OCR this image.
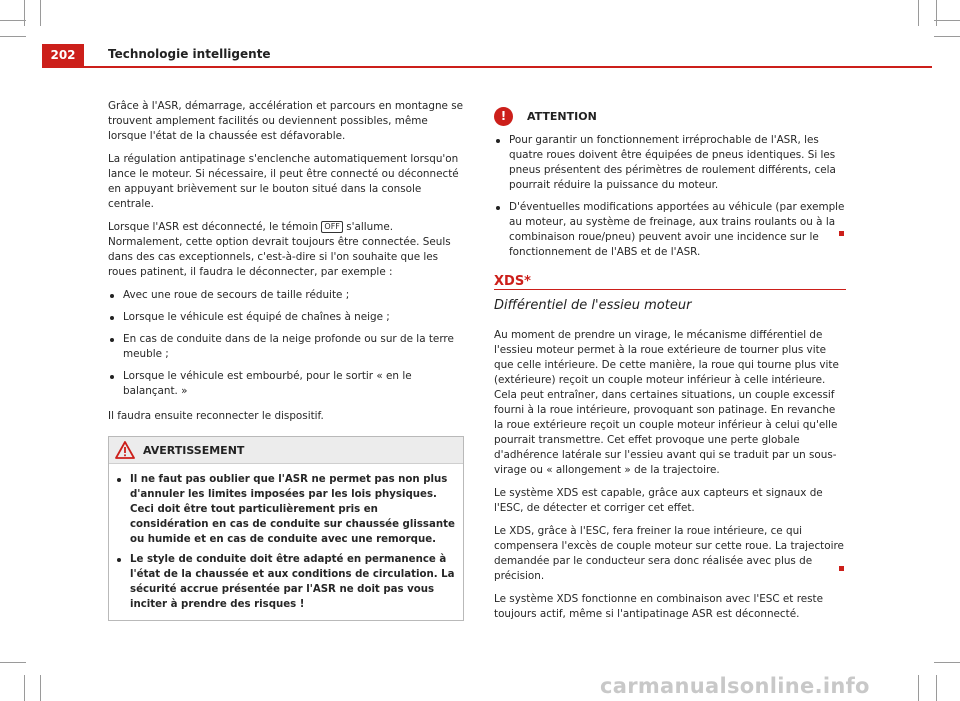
202	Technologie intelligente

Grâce à l'ASR, démarrage, accélération et parcours en montagne se trouvent amplement facilités ou deviennent possibles, même lorsque l'état de la chaussée est défavorable.

La régulation antipatinage s'enclenche automatiquement lorsqu'on lance le moteur. Si nécessaire, il peut être connecté ou déconnecté en appuyant brièvement sur le bouton situé dans la console centrale.

Lorsque l'ASR est déconnecté, le témoin OFF s'allume. Normalement, cette option devrait toujours être connectée. Seuls dans des cas exceptionnels, c'est-à-dire si l'on souhaite que les roues patinent, il faudra le déconnecter, par exemple :

Avec une roue de secours de taille réduite ;
Lorsque le véhicule est équipé de chaînes à neige ;
En cas de conduite dans de la neige profonde ou sur de la terre meuble ;
Lorsque le véhicule est embourbé, pour le sortir « en le balançant. »

Il faudra ensuite reconnecter le dispositif.

AVERTISSEMENT
Il ne faut pas oublier que l'ASR ne permet pas non plus d'annuler les limites imposées par les lois physiques. Ceci doit être tout particulièrement pris en considération en cas de conduite sur chaussée glissante ou humide et en cas de conduite avec une remorque.
Le style de conduite doit être adapté en permanence à l'état de la chaussée et aux conditions de circulation. La sécurité accrue présentée par l'ASR ne doit pas vous inciter à prendre des risques !
!	ATTENTION
Pour garantir un fonctionnement irréprochable de l'ASR, les quatre roues doivent être équipées de pneus identiques. Si les pneus présentent des périmètres de roulement différents, cela pourrait réduire la puissance du moteur.
D'éventuelles modifications apportées au véhicule (par exemple au moteur, au système de freinage, aux trains roulants ou à la combinaison roue/pneu) peuvent avoir une incidence sur le fonctionnement de l'ABS et de l'ASR.
XDS*
Différentiel de l'essieu moteur

Au moment de prendre un virage, le mécanisme différentiel de l'essieu moteur permet à la roue extérieure de tourner plus vite que celle intérieure. De cette manière, la roue qui tourne plus vite (extérieure) reçoit un couple moteur inférieur à celle intérieure. Cela peut entraîner, dans certaines situations, un couple excessif fourni à la roue intérieure, provoquant son patinage. En revanche la roue extérieure reçoit un couple moteur inférieur à celui qu'elle pourrait transmettre. Cet effet provoque une perte globale d'adhérence latérale sur l'essieu avant qui se traduit par un sous-virage ou « allongement » de la trajectoire.

Le système XDS est capable, grâce aux capteurs et signaux de l'ESC, de détecter et corriger cet effet.

Le XDS, grâce à l'ESC, fera freiner la roue intérieure, ce qui compensera l'excès de couple moteur sur cette roue. La trajectoire demandée par le conducteur sera donc réalisée avec plus de précision.

Le système XDS fonctionne en combinaison avec l'ESC et reste toujours actif, même si l'antipatinage ASR est déconnecté.

carmanualsonline.info
